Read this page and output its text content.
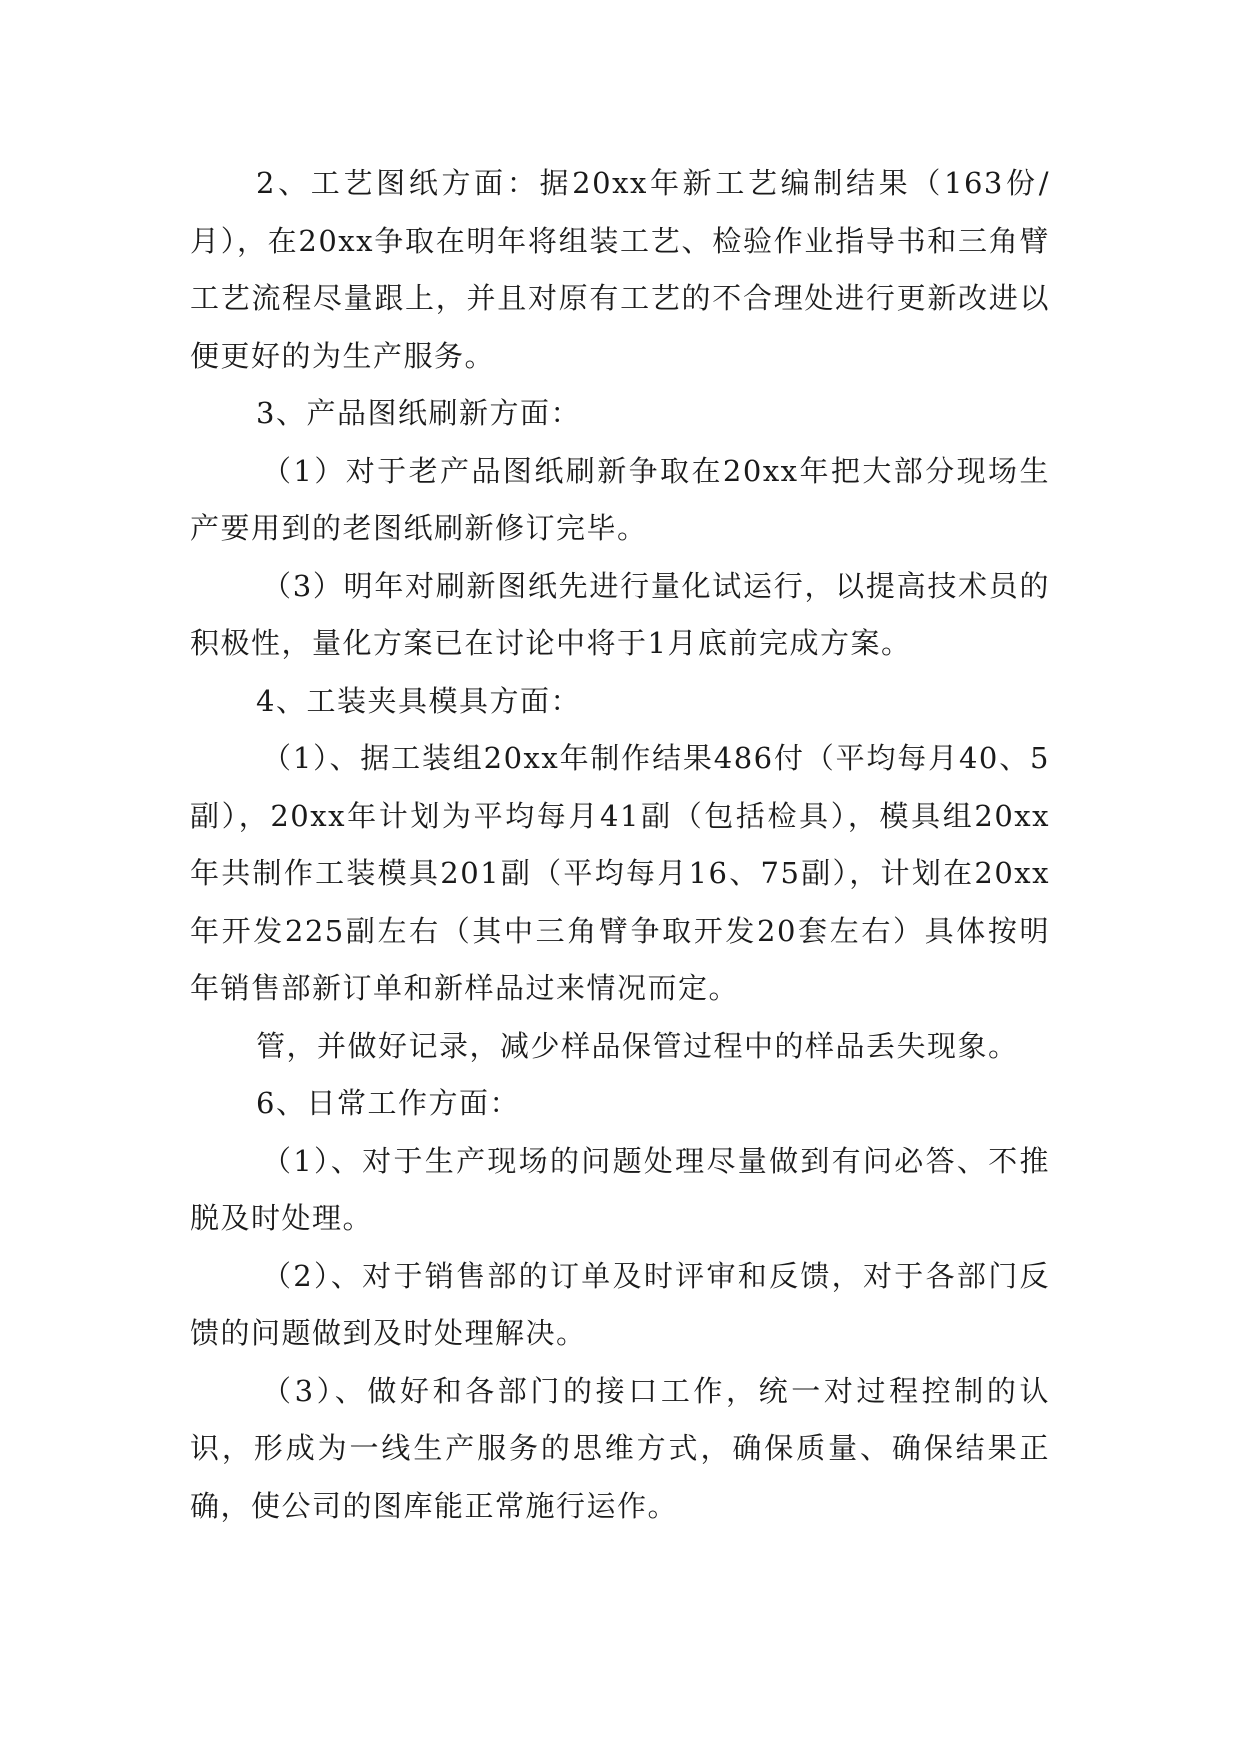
2、工艺图纸方面：据20xx年新工艺编制结果（163份/月），在20xx争取在明年将组装工艺、检验作业指导书和三角臂工艺流程尽量跟上，并且对原有工艺的不合理处进行更新改进以便更好的为生产服务。

3、产品图纸刷新方面：

（1）对于老产品图纸刷新争取在20xx年把大部分现场生产要用到的老图纸刷新修订完毕。

（3）明年对刷新图纸先进行量化试运行，以提高技术员的积极性，量化方案已在讨论中将于1月底前完成方案。

4、工装夹具模具方面：

（1）、据工装组20xx年制作结果486付（平均每月40、5副），20xx年计划为平均每月41副（包括检具），模具组20xx年共制作工装模具201副（平均每月16、75副），计划在20xx年开发225副左右（其中三角臂争取开发20套左右）具体按明年销售部新订单和新样品过来情况而定。

管，并做好记录，减少样品保管过程中的样品丢失现象。

6、日常工作方面：

（1）、对于生产现场的问题处理尽量做到有问必答、不推脱及时处理。

（2）、对于销售部的订单及时评审和反馈，对于各部门反馈的问题做到及时处理解决。

（3）、做好和各部门的接口工作，统一对过程控制的认识，形成为一线生产服务的思维方式，确保质量、确保结果正确，使公司的图库能正常施行运作。
